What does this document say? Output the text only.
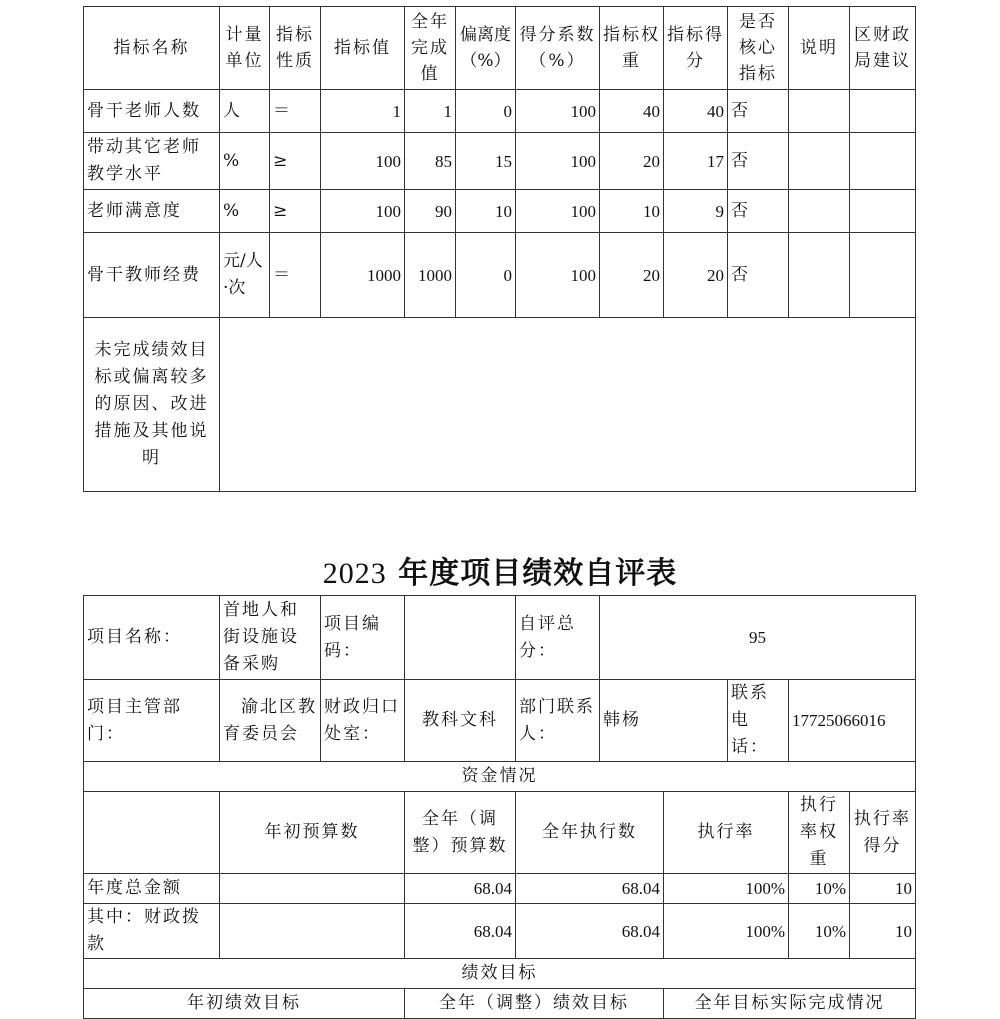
指标名称	计量单位	指标性质	指标值	全年完成值	偏离度（%）	得分系数（%）	指标权重	指标得分	是否核心指标	说明	区财政局建议
骨干老师人数	人	＝	1	1	0	100	40	40	否		
带动其它老师教学水平	%	≥	100	85	15	100	20	17	否		
老师满意度	%	≥	100	90	10	100	10	9	否		
骨干教师经费	元/人·次	＝	1000	1000	0	100	20	20	否		
未完成绩效目标或偏离较多的原因、改进措施及其他说明											
2023 年度项目绩效自评表
项目名称：	首地人和街设施设备采购	项目编码：		自评总分：	95				
项目主管部门：	渝北区教育委员会	财政归口处室：	教科文科	部门联系人：	韩杨		联系电话：	17725066016	
资金情况									
	年初预算数		全年（调整）预算数	全年执行数		执行率		执行率权重	执行率得分
年度总金额			68.04	68.04		100%		10%	10
其中：财政拨款			68.04	68.04		100%		10%	10
绩效目标									
年初绩效目标			全年（调整）绩效目标			全年目标实际完成情况			
